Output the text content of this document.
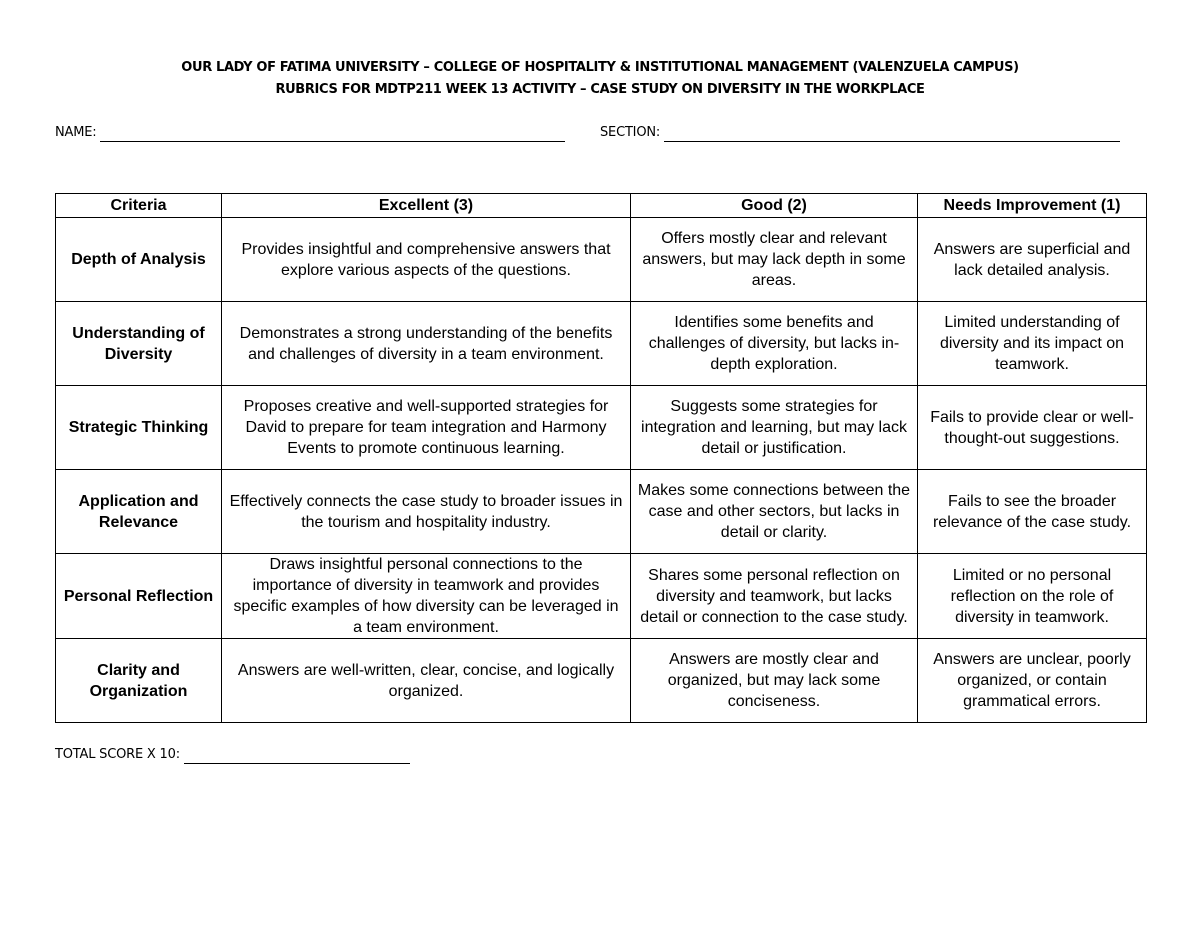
OUR LADY OF FATIMA UNIVERSITY – COLLEGE OF HOSPITALITY & INSTITUTIONAL MANAGEMENT (VALENZUELA CAMPUS)
RUBRICS FOR MDTP211 WEEK 13 ACTIVITY – CASE STUDY ON DIVERSITY IN THE WORKPLACE
NAME:	SECTION:
Criteria	Excellent (3)	Good (2)	Needs Improvement (1)
Depth of Analysis	Provides insightful and comprehensive answers that explore various aspects of the questions.	Offers mostly clear and relevant answers, but may lack depth in some areas.	Answers are superficial and lack detailed analysis.
Understanding of Diversity	Demonstrates a strong understanding of the benefits and challenges of diversity in a team environment.	Identifies some benefits and challenges of diversity, but lacks in-depth exploration.	Limited understanding of diversity and its impact on teamwork.
Strategic Thinking	Proposes creative and well-supported strategies for David to prepare for team integration and Harmony Events to promote continuous learning.	Suggests some strategies for integration and learning, but may lack detail or justification.	Fails to provide clear or well-thought-out suggestions.
Application and Relevance	Effectively connects the case study to broader issues in the tourism and hospitality industry.	Makes some connections between the case and other sectors, but lacks in detail or clarity.	Fails to see the broader relevance of the case study.
Personal Reflection	Draws insightful personal connections to the importance of diversity in teamwork and provides specific examples of how diversity can be leveraged in a team environment.	Shares some personal reflection on diversity and teamwork, but lacks detail or connection to the case study.	Limited or no personal reflection on the role of diversity in teamwork.
Clarity and Organization	Answers are well-written, clear, concise, and logically organized.	Answers are mostly clear and organized, but may lack some conciseness.	Answers are unclear, poorly organized, or contain grammatical errors.
TOTAL SCORE X 10:
